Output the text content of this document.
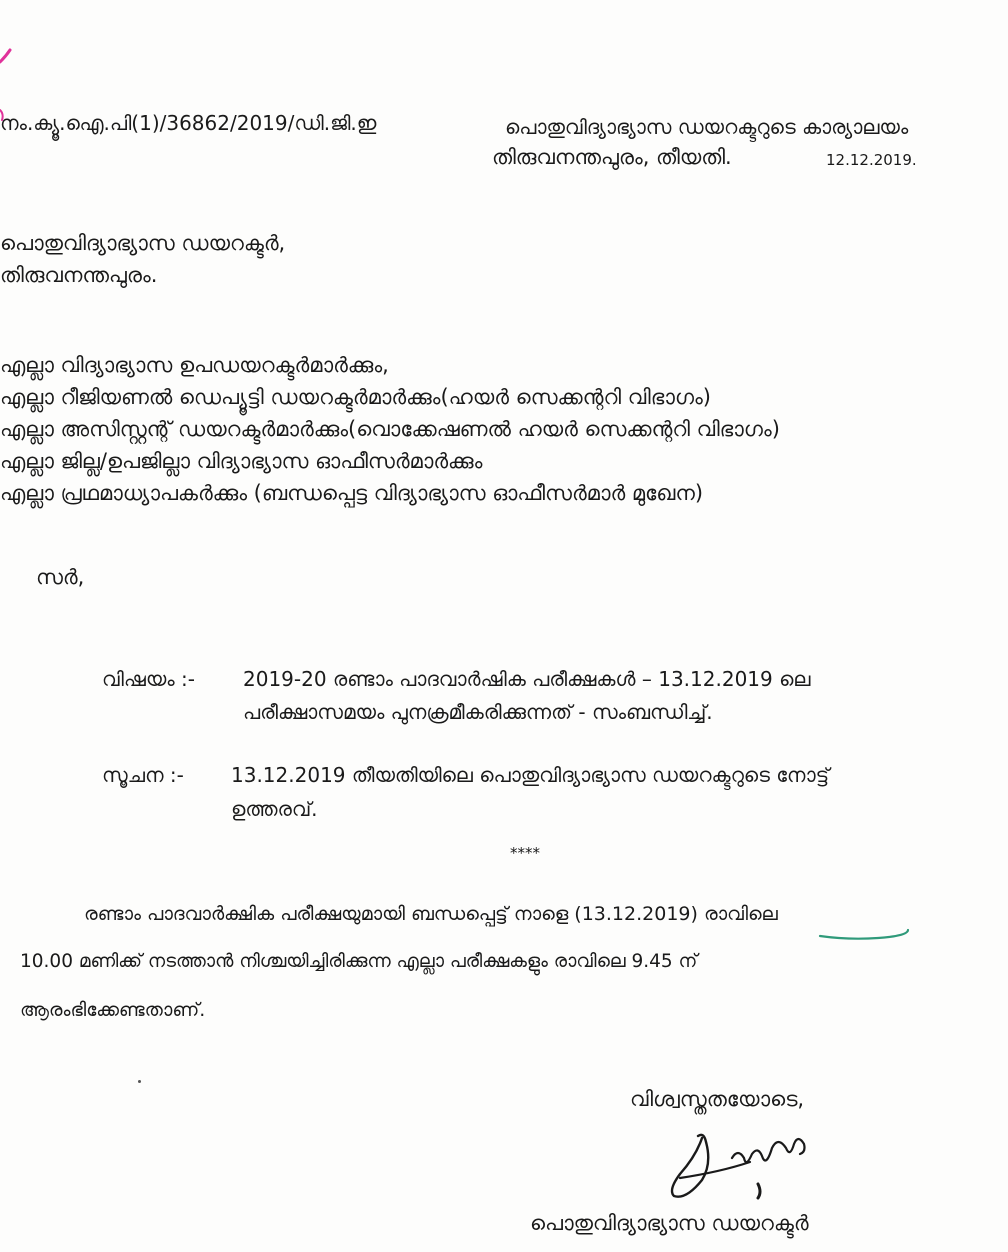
നം.ക്യൂ.ഐ.പി(1)/36862/2019/ഡി.ജി.ഇ	പൊതുവിദ്യാഭ്യാസ ഡയറക്ടറുടെ കാര്യാലയം
തിരുവനന്തപുരം, തീയതി.	12.12.2019.
പൊതുവിദ്യാഭ്യാസ ഡയറക്ടർ,
തിരുവനന്തപുരം.
എല്ലാ വിദ്യാഭ്യാസ ഉപഡയറക്ടർമാർക്കും,
എല്ലാ റീജിയണൽ ഡെപ്യൂട്ടി ഡയറക്ടർമാർക്കും(ഹയർ സെക്കന്ററി വിഭാഗം)
എല്ലാ അസിസ്റ്റന്റ് ഡയറക്ടർമാർക്കും(വൊക്കേഷണൽ ഹയർ സെക്കന്ററി വിഭാഗം)
എല്ലാ ജില്ല/ഉപജില്ലാ വിദ്യാഭ്യാസ ഓഫീസർമാർക്കും
എല്ലാ പ്രഥമാധ്യാപകർക്കും (ബന്ധപ്പെട്ട വിദ്യാഭ്യാസ ഓഫീസർമാർ മുഖേന)
സർ,
വിഷയം :- 2019-20 രണ്ടാം പാദവാർഷിക പരീക്ഷകൾ – 13.12.2019 ലെ
പരീക്ഷാസമയം പുനക്രമീകരിക്കുന്നത് - സംബന്ധിച്ച്.
സൂചന :- 13.12.2019 തീയതിയിലെ പൊതുവിദ്യാഭ്യാസ ഡയറക്ടറുടെ നോട്ട്
ഉത്തരവ്.
****
രണ്ടാം പാദവാർക്ഷിക പരീക്ഷയുമായി ബന്ധപ്പെട്ട് നാളെ (13.12.2019) രാവിലെ
10.00 മണിക്ക് നടത്താൻ നിശ്ചയിച്ചിരിക്കുന്ന എല്ലാ പരീക്ഷകളും രാവിലെ 9.45 ന്
ആരംഭിക്കേണ്ടതാണ്.
വിശ്വസ്തതയോടെ,
പൊതുവിദ്യാഭ്യാസ ഡയറക്ടർ
